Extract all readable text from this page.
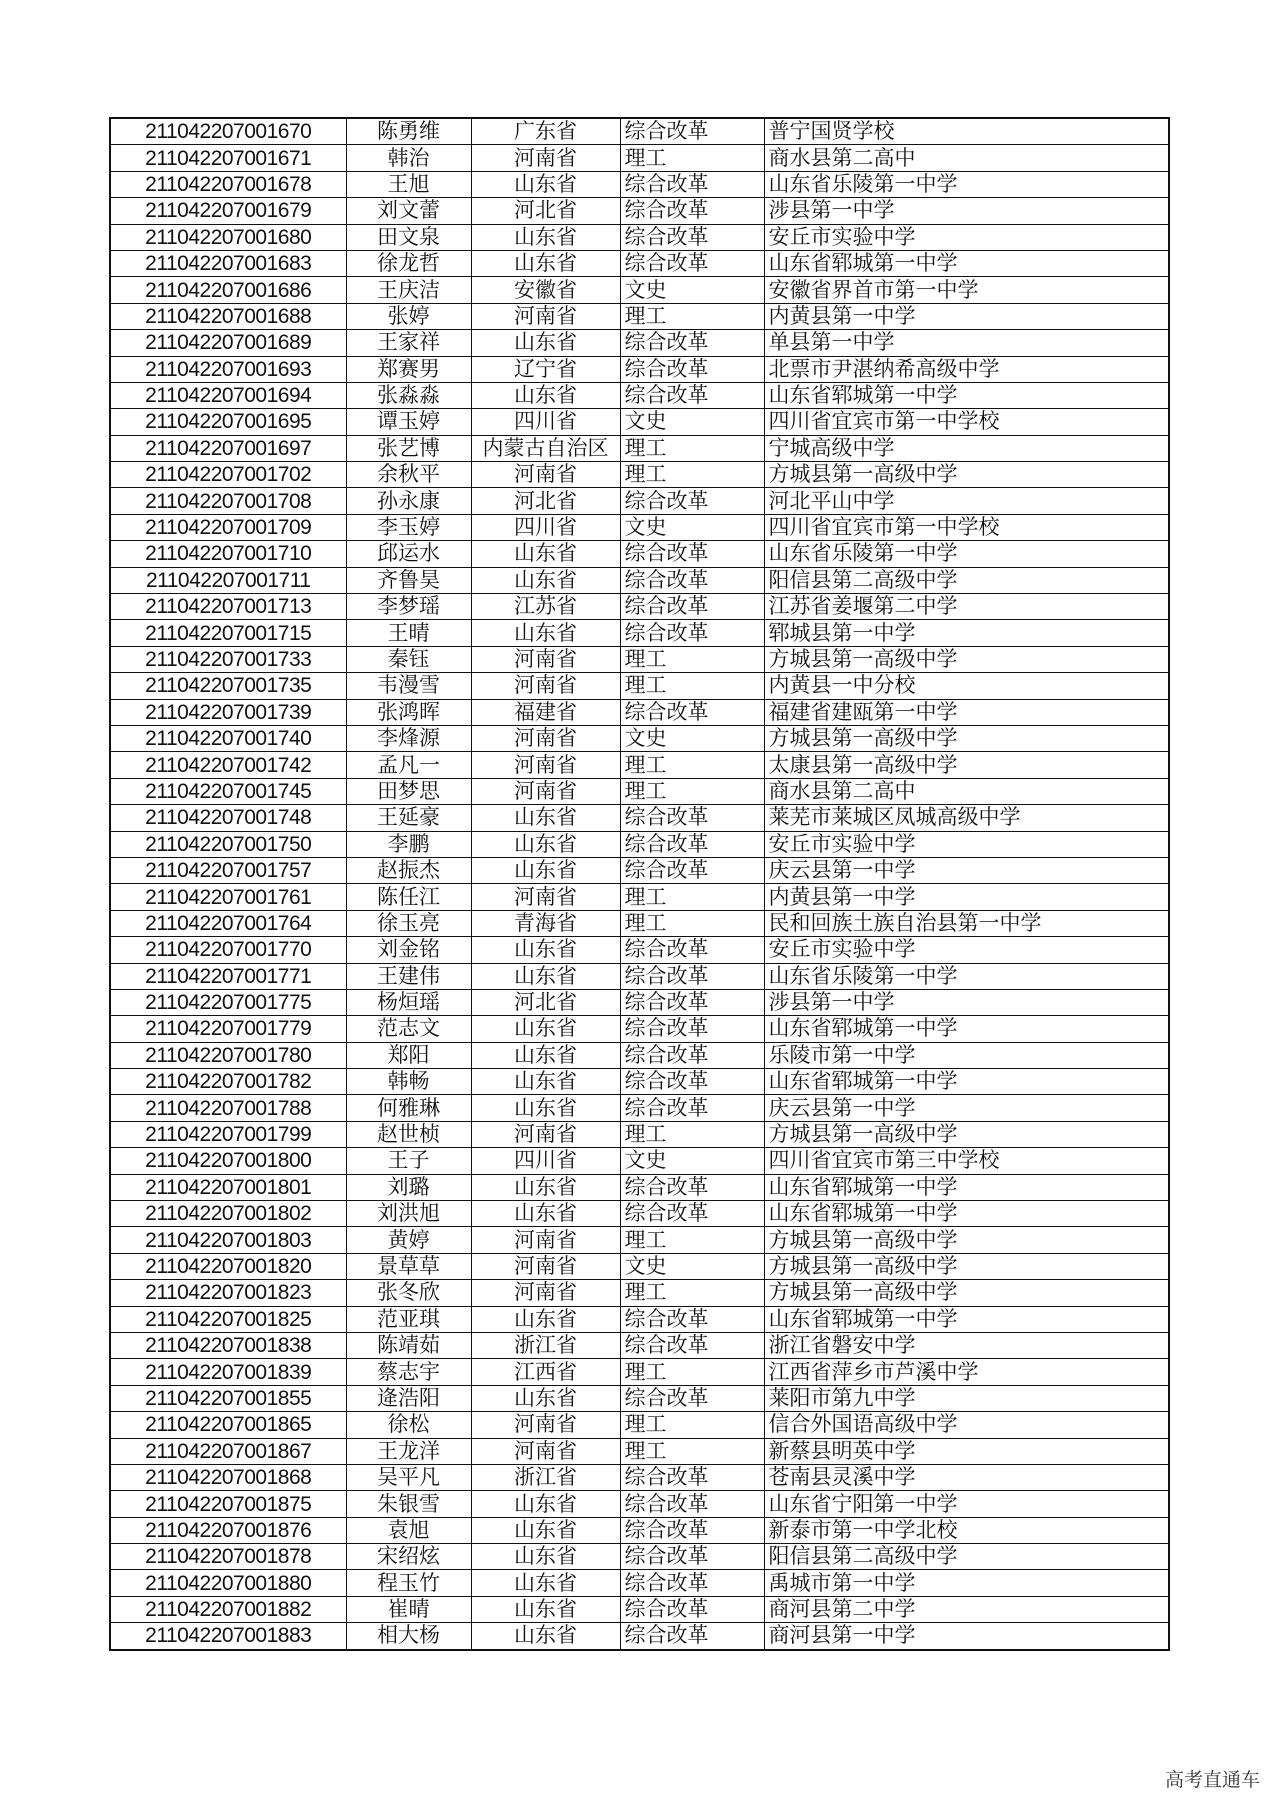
211042207001670	陈勇维	广东省	综合改革	普宁国贤学校
211042207001671	韩治	河南省	理工	商水县第二高中
211042207001678	王旭	山东省	综合改革	山东省乐陵第一中学
211042207001679	刘文蕾	河北省	综合改革	涉县第一中学
211042207001680	田文泉	山东省	综合改革	安丘市实验中学
211042207001683	徐龙哲	山东省	综合改革	山东省郓城第一中学
211042207001686	王庆洁	安徽省	文史	安徽省界首市第一中学
211042207001688	张婷	河南省	理工	内黄县第一中学
211042207001689	王家祥	山东省	综合改革	单县第一中学
211042207001693	郑赛男	辽宁省	综合改革	北票市尹湛纳希高级中学
211042207001694	张淼淼	山东省	综合改革	山东省郓城第一中学
211042207001695	谭玉婷	四川省	文史	四川省宜宾市第一中学校
211042207001697	张艺博	内蒙古自治区	理工	宁城高级中学
211042207001702	余秋平	河南省	理工	方城县第一高级中学
211042207001708	孙永康	河北省	综合改革	河北平山中学
211042207001709	李玉婷	四川省	文史	四川省宜宾市第一中学校
211042207001710	邱运水	山东省	综合改革	山东省乐陵第一中学
211042207001711	齐鲁昊	山东省	综合改革	阳信县第二高级中学
211042207001713	李梦瑶	江苏省	综合改革	江苏省姜堰第二中学
211042207001715	王晴	山东省	综合改革	郓城县第一中学
211042207001733	秦钰	河南省	理工	方城县第一高级中学
211042207001735	韦漫雪	河南省	理工	内黄县一中分校
211042207001739	张鸿晖	福建省	综合改革	福建省建瓯第一中学
211042207001740	李烽源	河南省	文史	方城县第一高级中学
211042207001742	孟凡一	河南省	理工	太康县第一高级中学
211042207001745	田梦思	河南省	理工	商水县第二高中
211042207001748	王延豪	山东省	综合改革	莱芜市莱城区凤城高级中学
211042207001750	李鹏	山东省	综合改革	安丘市实验中学
211042207001757	赵振杰	山东省	综合改革	庆云县第一中学
211042207001761	陈任江	河南省	理工	内黄县第一中学
211042207001764	徐玉亮	青海省	理工	民和回族土族自治县第一中学
211042207001770	刘金铭	山东省	综合改革	安丘市实验中学
211042207001771	王建伟	山东省	综合改革	山东省乐陵第一中学
211042207001775	杨烜瑶	河北省	综合改革	涉县第一中学
211042207001779	范志文	山东省	综合改革	山东省郓城第一中学
211042207001780	郑阳	山东省	综合改革	乐陵市第一中学
211042207001782	韩畅	山东省	综合改革	山东省郓城第一中学
211042207001788	何雅琳	山东省	综合改革	庆云县第一中学
211042207001799	赵世桢	河南省	理工	方城县第一高级中学
211042207001800	王子	四川省	文史	四川省宜宾市第三中学校
211042207001801	刘璐	山东省	综合改革	山东省郓城第一中学
211042207001802	刘洪旭	山东省	综合改革	山东省郓城第一中学
211042207001803	黄婷	河南省	理工	方城县第一高级中学
211042207001820	景草草	河南省	文史	方城县第一高级中学
211042207001823	张冬欣	河南省	理工	方城县第一高级中学
211042207001825	范亚琪	山东省	综合改革	山东省郓城第一中学
211042207001838	陈靖茹	浙江省	综合改革	浙江省磐安中学
211042207001839	蔡志宇	江西省	理工	江西省萍乡市芦溪中学
211042207001855	逄浩阳	山东省	综合改革	莱阳市第九中学
211042207001865	徐松	河南省	理工	信合外国语高级中学
211042207001867	王龙洋	河南省	理工	新蔡县明英中学
211042207001868	吴平凡	浙江省	综合改革	苍南县灵溪中学
211042207001875	朱银雪	山东省	综合改革	山东省宁阳第一中学
211042207001876	袁旭	山东省	综合改革	新泰市第一中学北校
211042207001878	宋绍炫	山东省	综合改革	阳信县第二高级中学
211042207001880	程玉竹	山东省	综合改革	禹城市第一中学
211042207001882	崔晴	山东省	综合改革	商河县第二中学
211042207001883	相大杨	山东省	综合改革	商河县第一中学
高考直通车
